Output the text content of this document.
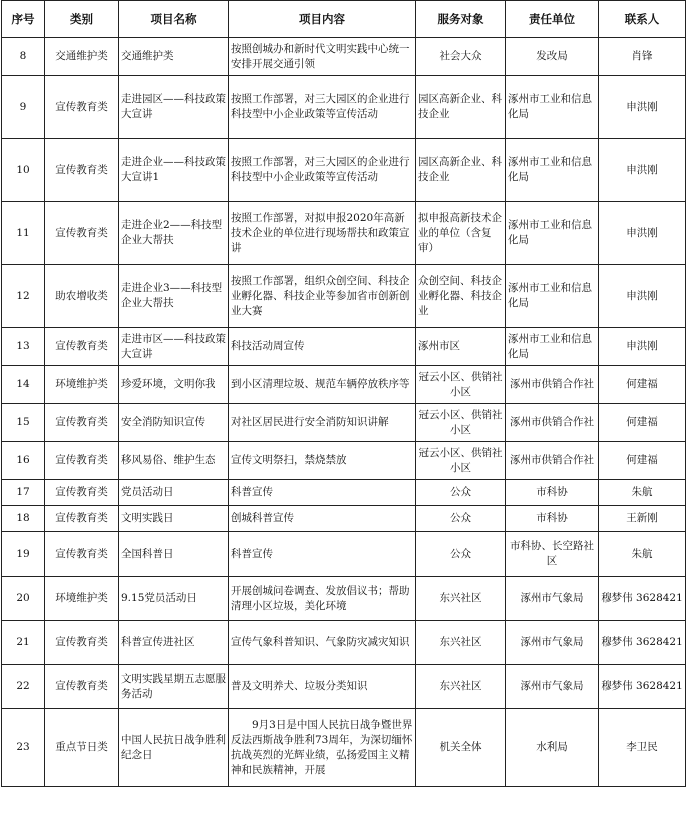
序号	类别	项目名称	项目内容	服务对象	责任单位	联系人
8	交通维护类	交通维护类	按照创城办和新时代文明实践中心统一安排开展交通引领	社会大众	发改局	肖锋
9	宣传教育类	走进园区——科技政策大宣讲	按照工作部署，对三大园区的企业进行科技型中小企业政策等宣传活动	园区高新企业、科技企业	涿州市工业和信息化局	申洪刚
10	宣传教育类	走进企业——科技政策大宣讲1	按照工作部署，对三大园区的企业进行科技型中小企业政策等宣传活动	园区高新企业、科技企业	涿州市工业和信息化局	申洪刚
11	宣传教育类	走进企业2——科技型企业大帮扶	按照工作部署，对拟申报2020年高新技术企业的单位进行现场帮扶和政策宣讲	拟申报高新技术企业的单位（含复审）	涿州市工业和信息化局	申洪刚
12	助农增收类	走进企业3——科技型企业大帮扶	按照工作部署，组织众创空间、科技企业孵化器、科技企业等参加省市创新创业大赛	众创空间、科技企业孵化器、科技企业	涿州市工业和信息化局	申洪刚
13	宣传教育类	走进市区——科技政策大宣讲	科技活动周宣传	涿州市区	涿州市工业和信息化局	申洪刚
14	环境维护类	珍爱环境，文明你我	到小区清理垃圾、规范车辆停放秩序等	冠云小区、供销社小区	涿州市供销合作社	何建福
15	宣传教育类	安全消防知识宣传	对社区居民进行安全消防知识讲解	冠云小区、供销社小区	涿州市供销合作社	何建福
16	宣传教育类	移风易俗、维护生态	宣传文明祭扫，禁烧禁放	冠云小区、供销社小区	涿州市供销合作社	何建福
17	宣传教育类	党员活动日	科普宣传	公众	市科协	朱航
18	宣传教育类	文明实践日	创城科普宣传	公众	市科协	王新刚
19	宣传教育类	全国科普日	科普宣传	公众	市科协、长空路社区	朱航
20	环境维护类	9.15党员活动日	开展创城问卷调查、发放倡议书；帮助清理小区垃圾，美化环境	东兴社区	涿州市气象局	穆梦伟 3628421
21	宣传教育类	科普宣传进社区	宣传气象科普知识、气象防灾减灾知识	东兴社区	涿州市气象局	穆梦伟 3628421
22	宣传教育类	文明实践星期五志愿服务活动	普及文明养犬、垃圾分类知识	东兴社区	涿州市气象局	穆梦伟 3628421
23	重点节日类	中国人民抗日战争胜利纪念日	9月3日是中国人民抗日战争暨世界反法西斯战争胜利73周年，为深切缅怀抗战英烈的光辉业绩，弘扬爱国主义精神和民族精神，开展	机关全体	水利局	李卫民
